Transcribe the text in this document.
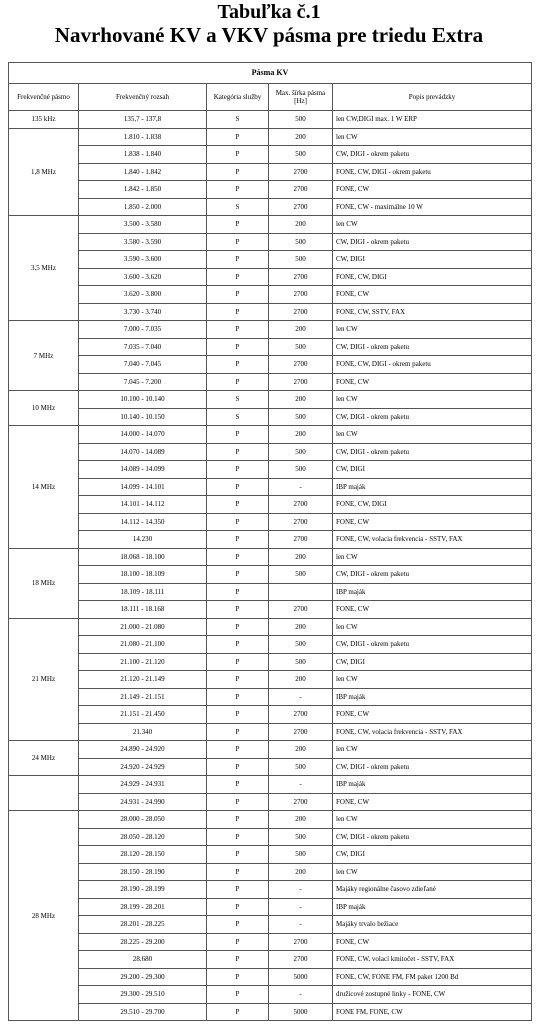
Tabuľka č.1
Navrhované KV a VKV pásma pre triedu Extra
Pásma KV				
Frekvenčné pásmo	Frekvenčný rozsah	Kategória služby	Max. šírka pásma [Hz]	Popis prevádzky
135 kHz	135,7 - 137,8	S	500	len CW,DIGI max. 1 W ERP
1,8 MHz	1.810 - 1.838	P	200	len CW
	1.838 - 1.840	P	500	CW, DIGI - okrem paketu
	1.840 - 1.842	P	2700	FONE, CW, DIGI - okrem paketu
	1.842 - 1.850	P	2700	FONE, CW
	1.850 - 2.000	S	2700	FONE, CW - maximálne 10 W
3,5 MHz	3.500 - 3.580	P	200	len CW
	3.580 - 3.590	P	500	CW, DIGI - okrem paketu
	3.590 - 3.600	P	500	CW, DIGI
	3.600 - 3.620	P	2700	FONE, CW, DIGI
	3.620 - 3.800	P	2700	FONE, CW
	3.730 - 3.740	P	2700	FONE, CW, SSTV, FAX
7 MHz	7.000 - 7.035	P	200	len CW
	7.035 - 7.040	P	500	CW, DIGI - okrem paketu
	7.040 - 7.045	P	2700	FONE, CW, DIGI - okrem paketu
	7.045 - 7.200	P	2700	FONE, CW
10 MHz	10.100 - 10.140	S	200	len CW
	10.140 - 10.150	S	500	CW, DIGI - okrem paketu
14 MHz	14.000 - 14.070	P	200	len CW
	14.070 - 14.089	P	500	CW, DIGI - okrem paketu
	14.089 - 14.099	P	500	CW, DIGI
	14.099 - 14.101	P	-	IBP maják
	14.101 - 14.112	P	2700	FONE, CW, DIGI
	14.112 - 14.350	P	2700	FONE, CW
	14.230	P	2700	FONE, CW, volacia frekvencia - SSTV, FAX
18 MHz	18.068 - 18.100	P	200	len CW
	18.100 - 18.109	P	500	CW, DIGI - okrem paketu
	18.109 - 18.111	P		IBP maják
	18.111 - 18.168	P	2700	FONE, CW
21 MHz	21.000 - 21.080	P	200	len CW
	21.080 - 21.100	P	500	CW, DIGI - okrem paketu
	21.100 - 21.120	P	500	CW, DIGI
	21.120 - 21.149	P	200	len CW
	21.149 - 21.151	P	-	IBP maják
	21.151 - 21.450	P	2700	FONE, CW
	21.340	P	2700	FONE, CW, volacia frekvencia - SSTV, FAX
24 MHz	24.890 - 24.920	P	200	len CW
	24.920 - 24.929	P	500	CW, DIGI - okrem paketu
	24.929 - 24.931	P	-	IBP maják
	24.931 - 24.990	P	2700	FONE, CW
28 MHz	28.000 - 28.050	P	200	len CW
	28.050 - 28.120	P	500	CW, DIGI - okrem paketu
	28.120 - 28.150	P	500	CW, DIGI
	28.150 - 28.190	P	200	len CW
	28.190 - 28.199	P	-	Majáky regionálne časovo zdieľané
	28.199 - 28.201	P	-	IBP maják
	28.201 - 28.225	P	-	Majáky trvalo bežiace
	28.225 - 29.200	P	2700	FONE, CW
	28.680	P	2700	FONE, CW, volací kmitočet - SSTV, FAX
	29.200 - 29.300	P	5000	FONE, CW, FONE FM, FM paket 1200 Bd
	29.300 - 29.510	P	-	družicové zostupné linky - FONE, CW
	29.510 - 29.700	P	5000	FONE FM, FONE, CW
